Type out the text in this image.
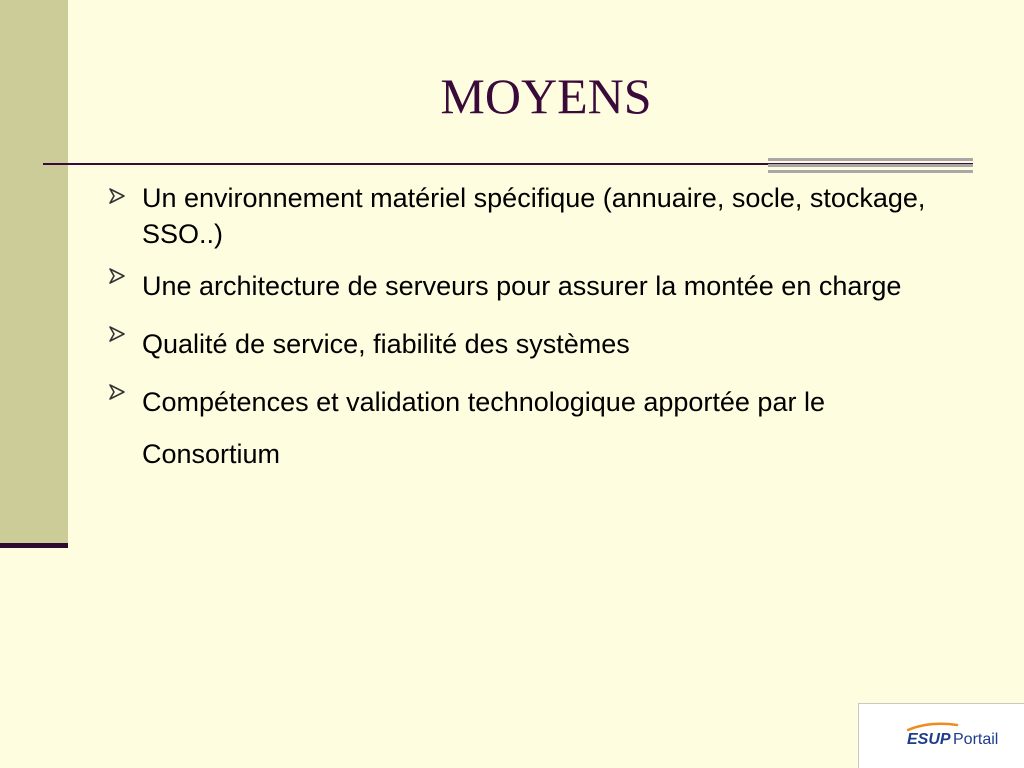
MOYENS
Un environnement matériel spécifique (annuaire, socle, stockage, SSO..)
Une architecture de serveurs pour assurer la montée en charge
Qualité de service, fiabilité des systèmes
Compétences et validation technologique apportée par le Consortium
ESUP Portail
